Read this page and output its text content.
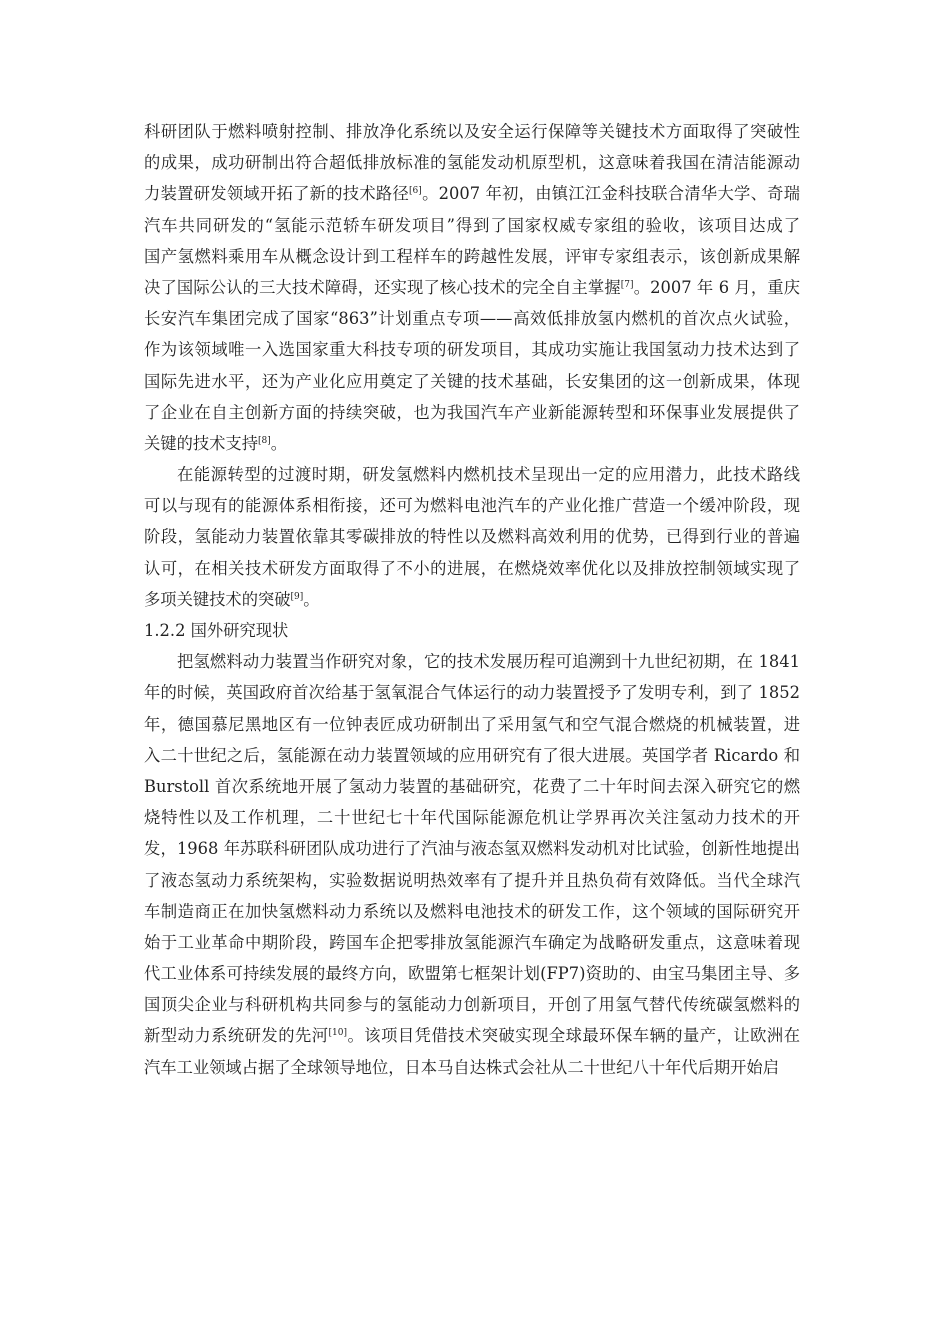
科研团队于燃料喷射控制、排放净化系统以及安全运行保障等关键技术方面取得了突破性
的成果，成功研制出符合超低排放标准的氢能发动机原型机，这意味着我国在清洁能源动
力装置研发领域开拓了新的技术路径[6]。2007 年初，由镇江江金科技联合清华大学、奇瑞
汽车共同研发的“氢能示范轿车研发项目”得到了国家权威专家组的验收，该项目达成了
国产氢燃料乘用车从概念设计到工程样车的跨越性发展，评审专家组表示，该创新成果解
决了国际公认的三大技术障碍，还实现了核心技术的完全自主掌握[7]。2007 年 6 月，重庆
长安汽车集团完成了国家“863”计划重点专项——高效低排放氢内燃机的首次点火试验，
作为该领域唯一入选国家重大科技专项的研发项目，其成功实施让我国氢动力技术达到了
国际先进水平，还为产业化应用奠定了关键的技术基础，长安集团的这一创新成果，体现
了企业在自主创新方面的持续突破，也为我国汽车产业新能源转型和环保事业发展提供了
关键的技术支持[8]。
在能源转型的过渡时期，研发氢燃料内燃机技术呈现出一定的应用潜力，此技术路线
可以与现有的能源体系相衔接，还可为燃料电池汽车的产业化推广营造一个缓冲阶段，现
阶段，氢能动力装置依靠其零碳排放的特性以及燃料高效利用的优势，已得到行业的普遍
认可，在相关技术研发方面取得了不小的进展，在燃烧效率优化以及排放控制领域实现了
多项关键技术的突破[9]。
1.2.2 国外研究现状
把氢燃料动力装置当作研究对象，它的技术发展历程可追溯到十九世纪初期，在 1841
年的时候，英国政府首次给基于氢氧混合气体运行的动力装置授予了发明专利，到了 1852
年，德国慕尼黑地区有一位钟表匠成功研制出了采用氢气和空气混合燃烧的机械装置，进
入二十世纪之后，氢能源在动力装置领域的应用研究有了很大进展。英国学者 Ricardo 和
Burstoll 首次系统地开展了氢动力装置的基础研究，花费了二十年时间去深入研究它的燃
烧特性以及工作机理，二十世纪七十年代国际能源危机让学界再次关注氢动力技术的开
发，1968 年苏联科研团队成功进行了汽油与液态氢双燃料发动机对比试验，创新性地提出
了液态氢动力系统架构，实验数据说明热效率有了提升并且热负荷有效降低。当代全球汽
车制造商正在加快氢燃料动力系统以及燃料电池技术的研发工作，这个领域的国际研究开
始于工业革命中期阶段，跨国车企把零排放氢能源汽车确定为战略研发重点，这意味着现
代工业体系可持续发展的最终方向，欧盟第七框架计划(FP7)资助的、由宝马集团主导、多
国顶尖企业与科研机构共同参与的氢能动力创新项目，开创了用氢气替代传统碳氢燃料的
新型动力系统研发的先河[10]。该项目凭借技术突破实现全球最环保车辆的量产，让欧洲在
汽车工业领域占据了全球领导地位，日本马自达株式会社从二十世纪八十年代后期开始启
